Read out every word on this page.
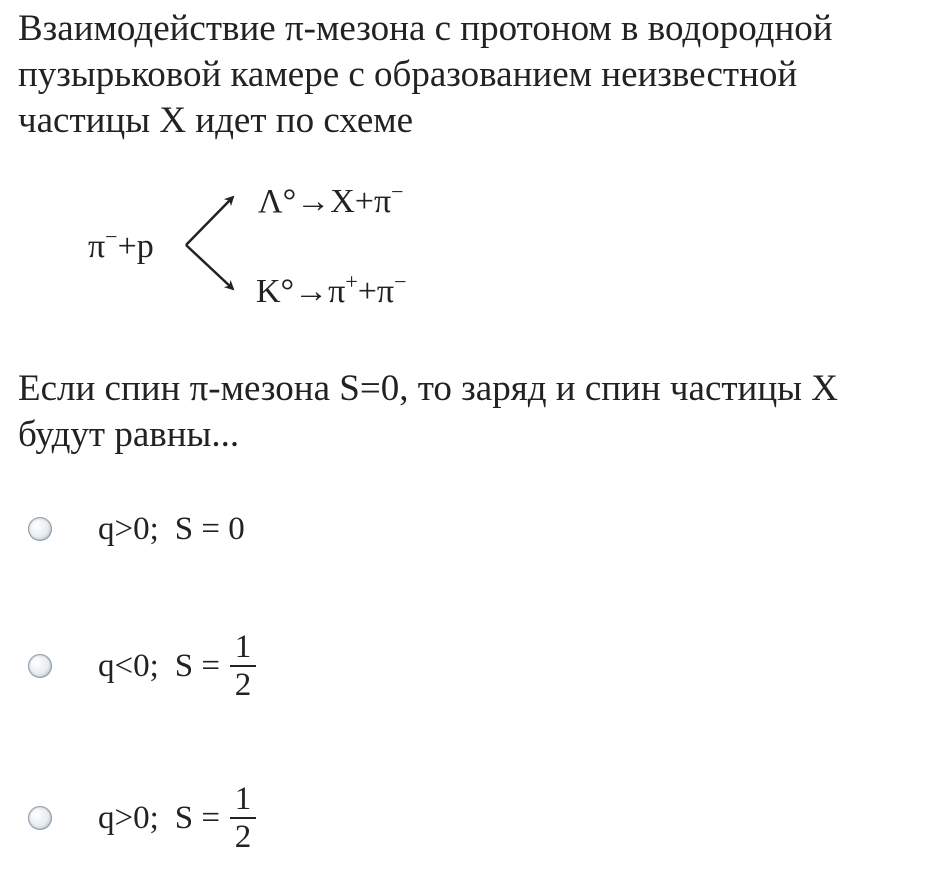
Взаимодействие π-мезона с протоном в водородной
пузырьковой камере с образованием неизвестной
частицы X идет по схеме
π−+p
Λ°→X+π−
K°→π++π−
Если спин π-мезона S=0, то заряд и спин частицы X
будут равны...
q>0; S = 0
q<0; $S = \frac{1}{2}$
q>0; $S = \frac{1}{2}$
